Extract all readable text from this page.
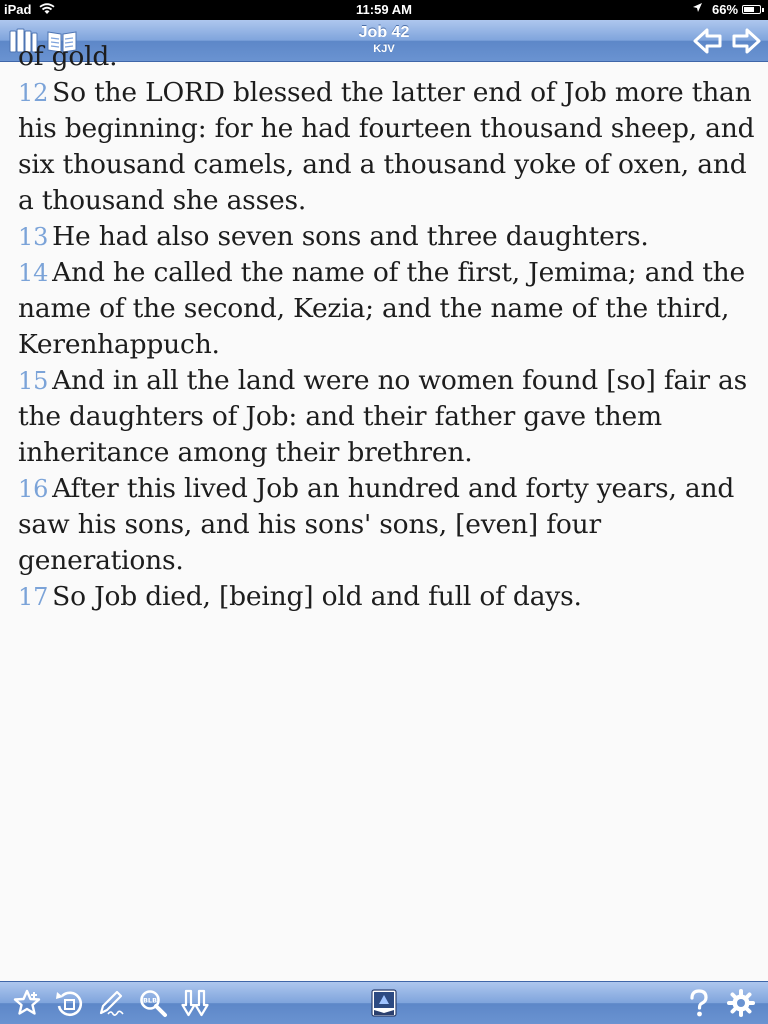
iPad	11:59 AM	66%
Job 42
KJV
of gold.
12 So the LORD blessed the latter end of Job more than his beginning: for he had fourteen thousand sheep, and six thousand camels, and a thousand yoke of oxen, and a thousand she asses.
13 He had also seven sons and three daughters.
14 And he called the name of the first, Jemima; and the name of the second, Kezia; and the name of the third, Kerenhappuch.
15 And in all the land were no women found [so] fair as the daughters of Job: and their father gave them inheritance among their brethren.
16 After this lived Job an hundred and forty years, and saw his sons, and his sons' sons, [even] four generations.
17 So Job died, [being] old and full of days.
BLB
